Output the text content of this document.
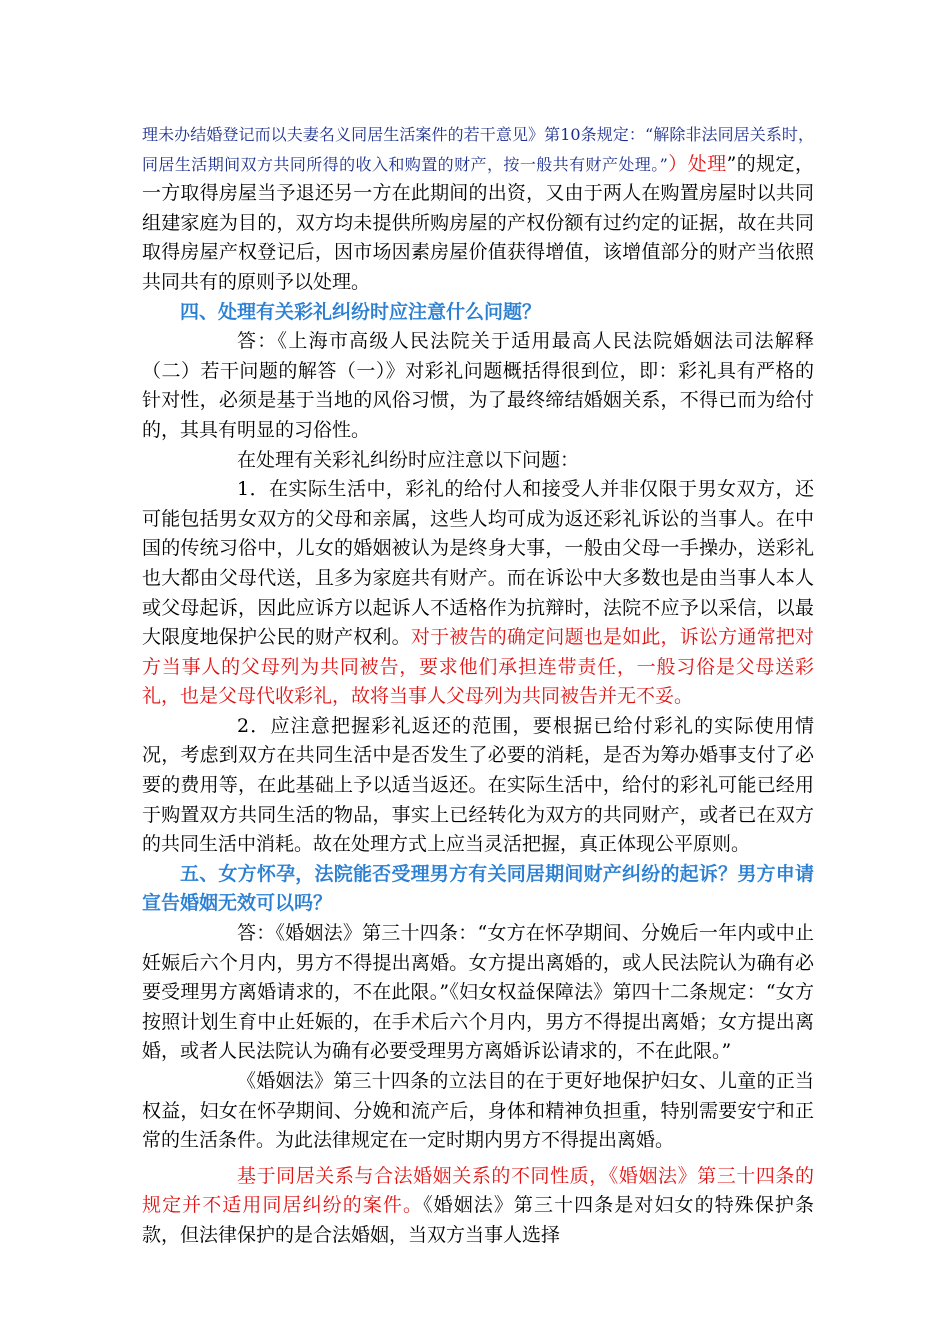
理未办结婚登记而以夫妻名义同居生活案件的若干意见》第10条规定：“解除非法同居关系时，同居生活期间双方共同所得的收入和购置的财产，按一般共有财产处理。”）处理”的规定，一方取得房屋当予退还另一方在此期间的出资，又由于两人在购置房屋时以共同组建家庭为目的，双方均未提供所购房屋的产权份额有过约定的证据，故在共同取得房屋产权登记后，因市场因素房屋价值获得增值，该增值部分的财产当依照共同共有的原则予以处理。

四、处理有关彩礼纠纷时应注意什么问题？

答：《上海市高级人民法院关于适用最高人民法院婚姻法司法解释（二）若干问题的解答（一）》对彩礼问题概括得很到位，即：彩礼具有严格的针对性，必须是基于当地的风俗习惯，为了最终缔结婚姻关系，不得已而为给付的，其具有明显的习俗性。

在处理有关彩礼纠纷时应注意以下问题：

1．在实际生活中，彩礼的给付人和接受人并非仅限于男女双方，还可能包括男女双方的父母和亲属，这些人均可成为返还彩礼诉讼的当事人。在中国的传统习俗中，儿女的婚姻被认为是终身大事，一般由父母一手操办，送彩礼也大都由父母代送，且多为家庭共有财产。而在诉讼中大多数也是由当事人本人或父母起诉，因此应诉方以起诉人不适格作为抗辩时，法院不应予以采信，以最大限度地保护公民的财产权利。对于被告的确定问题也是如此，诉讼方通常把对方当事人的父母列为共同被告，要求他们承担连带责任，一般习俗是父母送彩礼，也是父母代收彩礼，故将当事人父母列为共同被告并无不妥。

2．应注意把握彩礼返还的范围，要根据已给付彩礼的实际使用情况，考虑到双方在共同生活中是否发生了必要的消耗，是否为筹办婚事支付了必要的费用等，在此基础上予以适当返还。在实际生活中，给付的彩礼可能已经用于购置双方共同生活的物品，事实上已经转化为双方的共同财产，或者已在双方的共同生活中消耗。故在处理方式上应当灵活把握，真正体现公平原则。

五、女方怀孕，法院能否受理男方有关同居期间财产纠纷的起诉？男方申请宣告婚姻无效可以吗？

答：《婚姻法》第三十四条：“女方在怀孕期间、分娩后一年内或中止妊娠后六个月内，男方不得提出离婚。女方提出离婚的，或人民法院认为确有必要受理男方离婚请求的，不在此限。”《妇女权益保障法》第四十二条规定：“女方按照计划生育中止妊娠的，在手术后六个月内，男方不得提出离婚；女方提出离婚，或者人民法院认为确有必要受理男方离婚诉讼请求的，不在此限。”

《婚姻法》第三十四条的立法目的在于更好地保护妇女、儿童的正当权益，妇女在怀孕期间、分娩和流产后，身体和精神负担重，特别需要安宁和正常的生活条件。为此法律规定在一定时期内男方不得提出离婚。

基于同居关系与合法婚姻关系的不同性质，《婚姻法》第三十四条的规定并不适用同居纠纷的案件。《婚姻法》第三十四条是对妇女的特殊保护条款，但法律保护的是合法婚姻，当双方当事人选择
